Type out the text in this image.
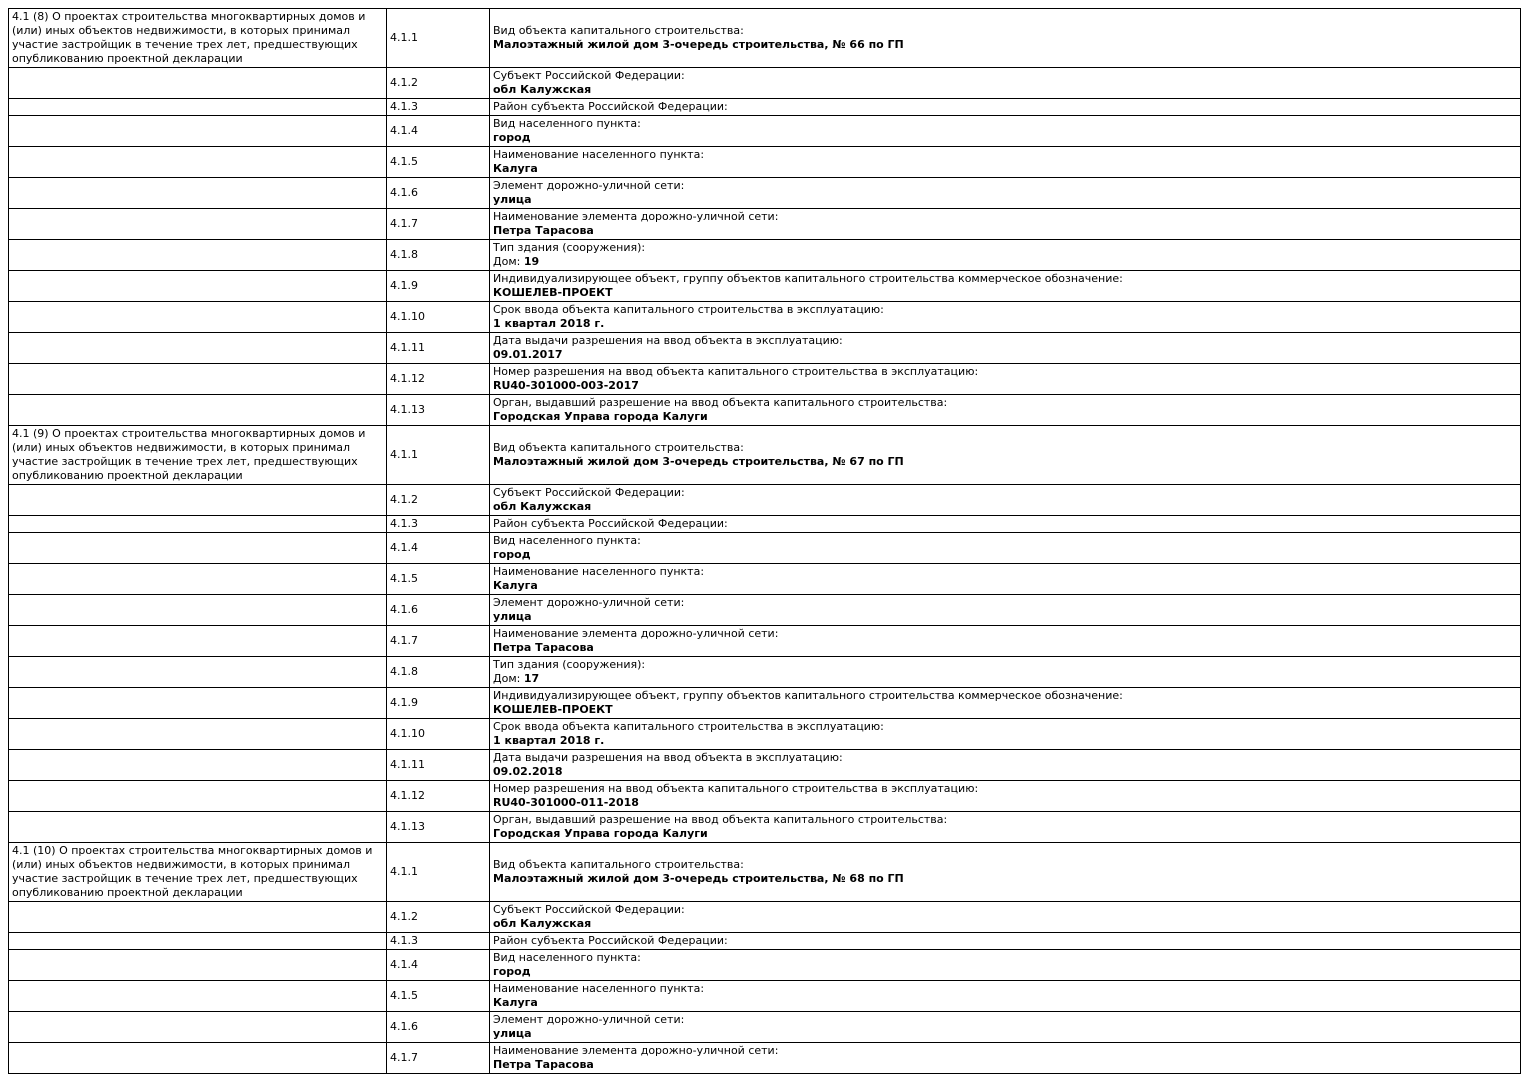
4.1 (8) О проектах строительства многоквартирных домов и (или) иных объектов недвижимости, в которых принимал участие застройщик в течение трех лет, предшествующих опубликованию проектной декларации	4.1.1	Вид объекта капитального строительства:
Малоэтажный жилой дом 3-очередь строительства, № 66 по ГП

	4.1.2	Субъект Российской Федерации:
обл Калужская

	4.1.3	Район субъекта Российской Федерации:

	4.1.4	Вид населенного пункта:
город

	4.1.5	Наименование населенного пункта:
Калуга

	4.1.6	Элемент дорожно-уличной сети:
улица

	4.1.7	Наименование элемента дорожно-уличной сети:
Петра Тарасова

	4.1.8	Тип здания (сооружения):
Дом: 19

	4.1.9	Индивидуализирующее объект, группу объектов капитального строительства коммерческое обозначение:
КОШЕЛЕВ-ПРОЕКТ

	4.1.10	Срок ввода объекта капитального строительства в эксплуатацию:
1 квартал 2018 г.

	4.1.11	Дата выдачи разрешения на ввод объекта в эксплуатацию:
09.01.2017

	4.1.12	Номер разрешения на ввод объекта капитального строительства в эксплуатацию:
RU40-301000-003-2017

	4.1.13	Орган, выдавший разрешение на ввод объекта капитального строительства:
Городская Управа города Калуги

4.1 (9) О проектах строительства многоквартирных домов и (или) иных объектов недвижимости, в которых принимал участие застройщик в течение трех лет, предшествующих опубликованию проектной декларации	4.1.1	Вид объекта капитального строительства:
Малоэтажный жилой дом 3-очередь строительства, № 67 по ГП

	4.1.2	Субъект Российской Федерации:
обл Калужская

	4.1.3	Район субъекта Российской Федерации:

	4.1.4	Вид населенного пункта:
город

	4.1.5	Наименование населенного пункта:
Калуга

	4.1.6	Элемент дорожно-уличной сети:
улица

	4.1.7	Наименование элемента дорожно-уличной сети:
Петра Тарасова

	4.1.8	Тип здания (сооружения):
Дом: 17

	4.1.9	Индивидуализирующее объект, группу объектов капитального строительства коммерческое обозначение:
КОШЕЛЕВ-ПРОЕКТ

	4.1.10	Срок ввода объекта капитального строительства в эксплуатацию:
1 квартал 2018 г.

	4.1.11	Дата выдачи разрешения на ввод объекта в эксплуатацию:
09.02.2018

	4.1.12	Номер разрешения на ввод объекта капитального строительства в эксплуатацию:
RU40-301000-011-2018

	4.1.13	Орган, выдавший разрешение на ввод объекта капитального строительства:
Городская Управа города Калуги

4.1 (10) О проектах строительства многоквартирных домов и (или) иных объектов недвижимости, в которых принимал участие застройщик в течение трех лет, предшествующих опубликованию проектной декларации	4.1.1	Вид объекта капитального строительства:
Малоэтажный жилой дом 3-очередь строительства, № 68 по ГП

	4.1.2	Субъект Российской Федерации:
обл Калужская

	4.1.3	Район субъекта Российской Федерации:

	4.1.4	Вид населенного пункта:
город

	4.1.5	Наименование населенного пункта:
Калуга

	4.1.6	Элемент дорожно-уличной сети:
улица

	4.1.7	Наименование элемента дорожно-уличной сети:
Петра Тарасова
